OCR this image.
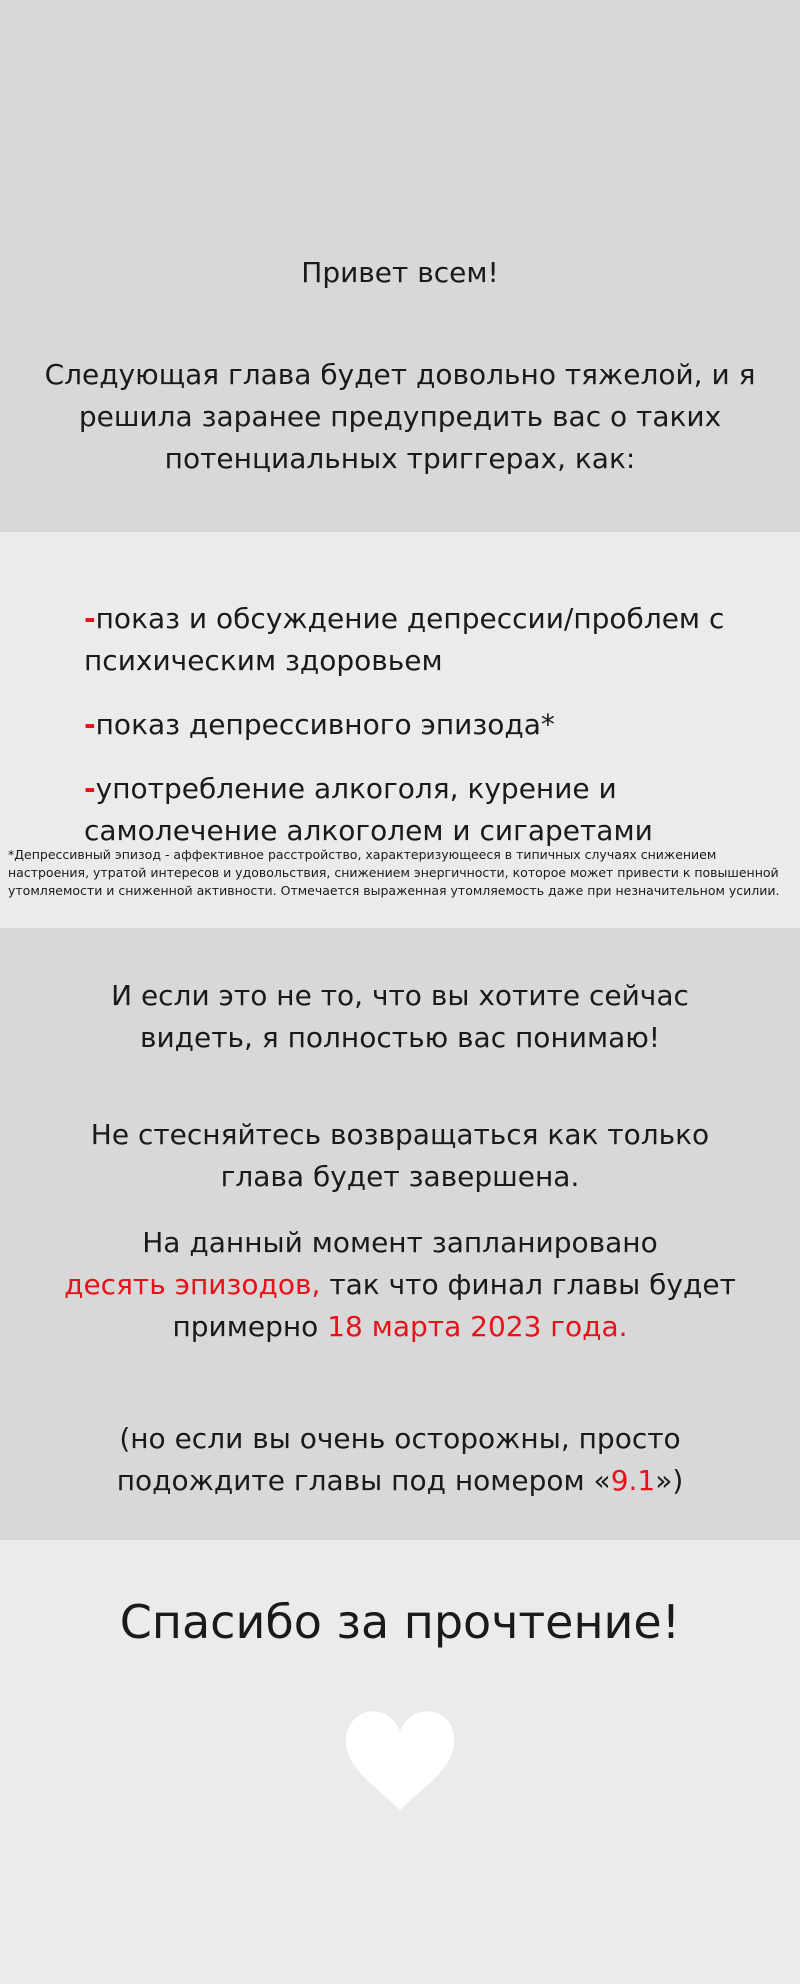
Привет всем!
Следующая глава будет довольно тяжелой, и я решила заранее предупредить вас о таких потенциальных триггерах, как:
-показ и обсуждение депрессии/проблем с психическим здоровьем
-показ депрессивного эпизода*
-употребление алкоголя, курение и самолечение алкоголем и сигаретами
*Депрессивный эпизод - аффективное расстройство, характеризующееся в типичных случаях снижением настроения, утратой интересов и удовольствия, снижением энергичности, которое может привести к повышенной утомляемости и сниженной активности. Отмечается выраженная утомляемость даже при незначительном усилии.
И если это не то, что вы хотите сейчас видеть, я полностью вас понимаю!
Не стесняйтесь возвращаться как только глава будет завершена.
На данный момент запланировано
десять эпизодов, так что финал главы будет примерно 18 марта 2023 года.
(но если вы очень осторожны, просто подождите главы под номером «9.1»)
Спасибо за прочтение!
